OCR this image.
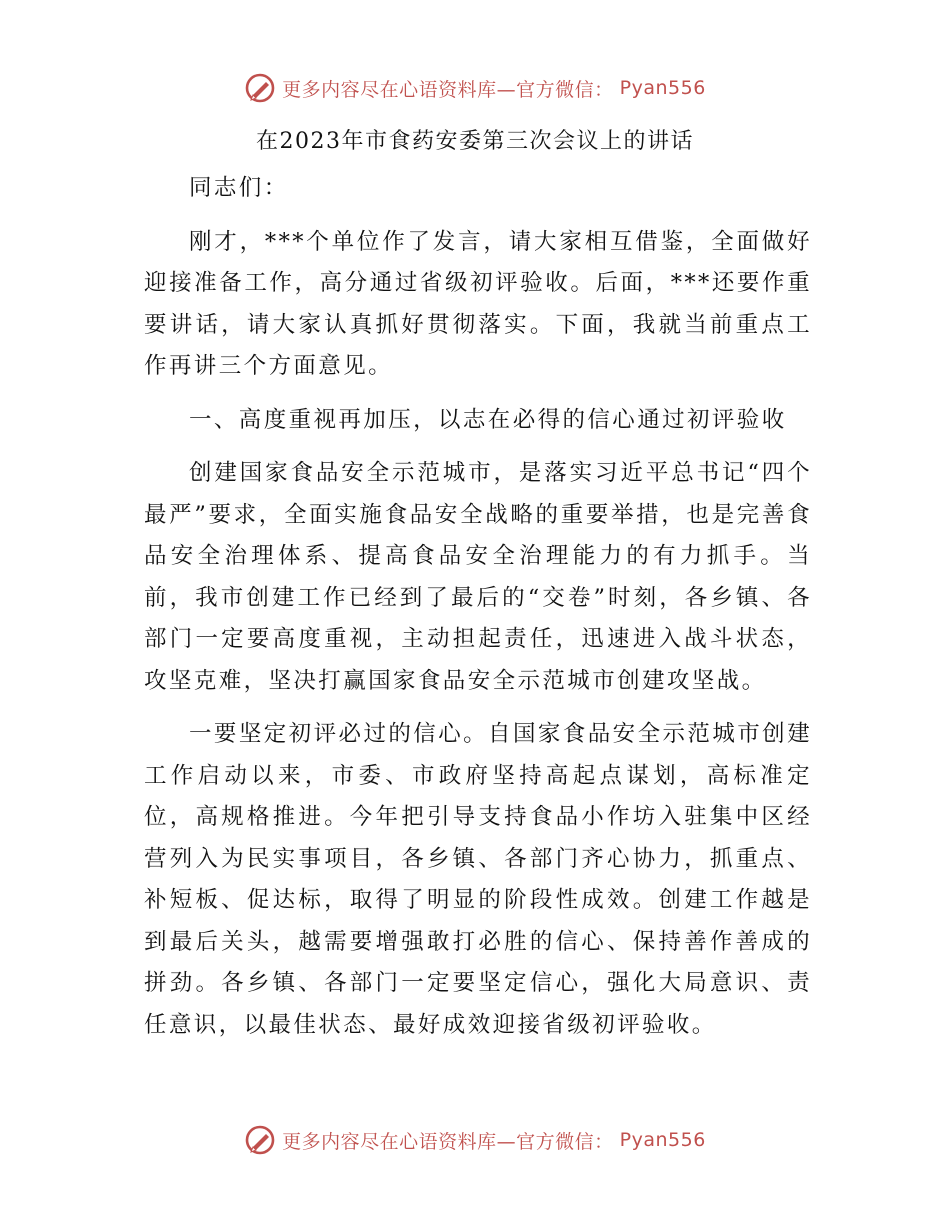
更多内容尽在心语资料库—官方微信： Pyan556
在2023年市食药安委第三次会议上的讲话

同志们：

刚才，***个单位作了发言，请大家相互借鉴，全面做好迎接准备工作，高分通过省级初评验收。后面，***还要作重要讲话，请大家认真抓好贯彻落实。下面，我就当前重点工作再讲三个方面意见。

一、高度重视再加压，以志在必得的信心通过初评验收

创建国家食品安全示范城市，是落实习近平总书记“四个最严”要求，全面实施食品安全战略的重要举措，也是完善食品安全治理体系、提高食品安全治理能力的有力抓手。当前，我市创建工作已经到了最后的“交卷”时刻，各乡镇、各部门一定要高度重视，主动担起责任，迅速进入战斗状态，攻坚克难，坚决打赢国家食品安全示范城市创建攻坚战。

一要坚定初评必过的信心。自国家食品安全示范城市创建工作启动以来，市委、市政府坚持高起点谋划，高标准定位，高规格推进。今年把引导支持食品小作坊入驻集中区经营列入为民实事项目，各乡镇、各部门齐心协力，抓重点、补短板、促达标，取得了明显的阶段性成效。创建工作越是到最后关头，越需要增强敢打必胜的信心、保持善作善成的拼劲。各乡镇、各部门一定要坚定信心，强化大局意识、责任意识，以最佳状态、最好成效迎接省级初评验收。

更多内容尽在心语资料库—官方微信： Pyan556
